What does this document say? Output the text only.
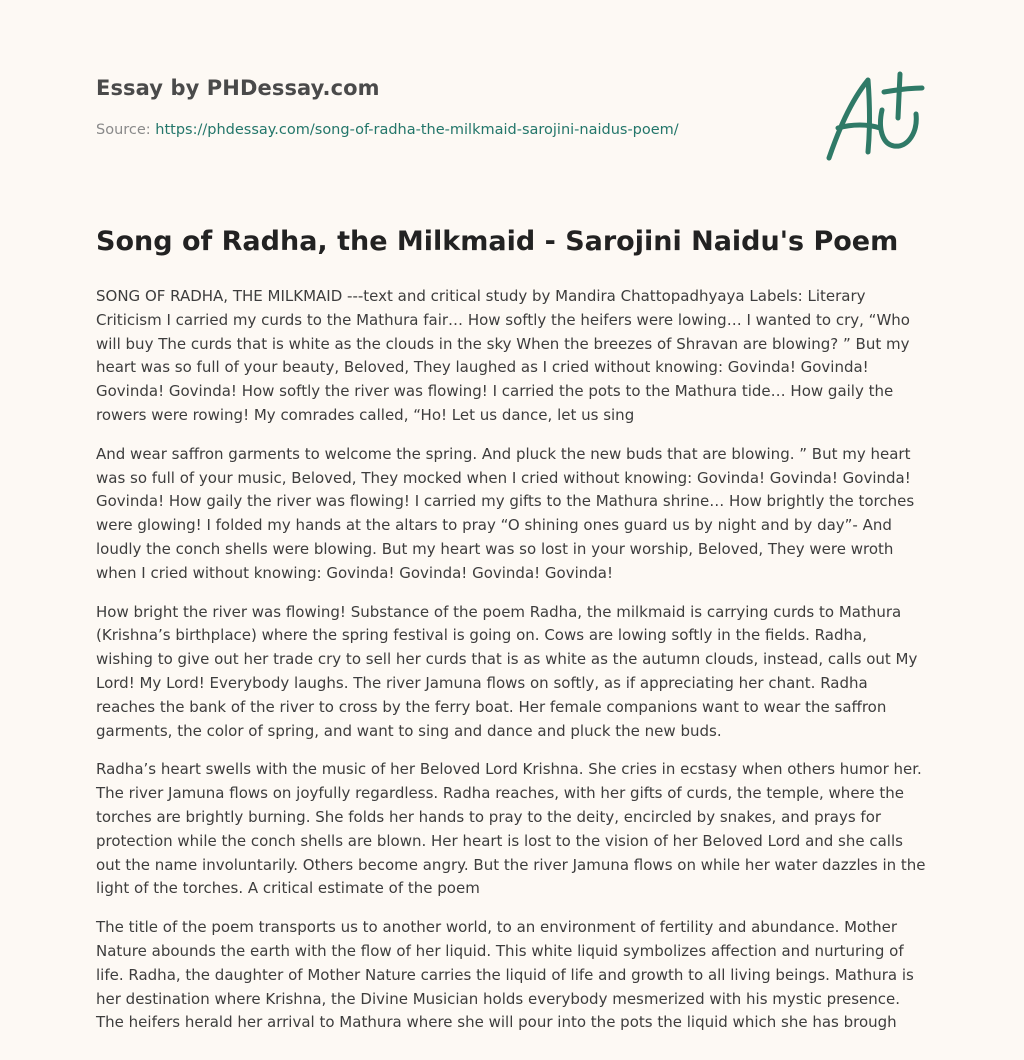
Essay by PHDessay.com
Source: https://phdessay.com/song-of-radha-the-milkmaid-sarojini-naidus-poem/
Song of Radha, the Milkmaid - Sarojini Naidu's Poem

SONG OF RADHA, THE MILKMAID ---text and critical study by Mandira Chattopadhyaya Labels: Literary Criticism I carried my curds to the Mathura fair… How softly the heifers were lowing… I wanted to cry, “Who will buy The curds that is white as the clouds in the sky When the breezes of Shravan are blowing? ” But my heart was so full of your beauty, Beloved, They laughed as I cried without knowing: Govinda! Govinda! Govinda! Govinda! How softly the river was flowing! I carried the pots to the Mathura tide… How gaily the rowers were rowing! My comrades called, “Ho! Let us dance, let us sing

And wear saffron garments to welcome the spring. And pluck the new buds that are blowing. ” But my heart was so full of your music, Beloved, They mocked when I cried without knowing: Govinda! Govinda! Govinda! Govinda! How gaily the river was flowing! I carried my gifts to the Mathura shrine… How brightly the torches were glowing! I folded my hands at the altars to pray “O shining ones guard us by night and by day”- And loudly the conch shells were blowing. But my heart was so lost in your worship, Beloved, They were wroth when I cried without knowing: Govinda! Govinda! Govinda! Govinda!

How bright the river was flowing! Substance of the poem Radha, the milkmaid is carrying curds to Mathura (Krishna’s birthplace) where the spring festival is going on. Cows are lowing softly in the fields. Radha, wishing to give out her trade cry to sell her curds that is as white as the autumn clouds, instead, calls out My Lord! My Lord! Everybody laughs. The river Jamuna flows on softly, as if appreciating her chant. Radha reaches the bank of the river to cross by the ferry boat. Her female companions want to wear the saffron garments, the color of spring, and want to sing and dance and pluck the new buds.

Radha’s heart swells with the music of her Beloved Lord Krishna. She cries in ecstasy when others humor her. The river Jamuna flows on joyfully regardless. Radha reaches, with her gifts of curds, the temple, where the torches are brightly burning. She folds her hands to pray to the deity, encircled by snakes, and prays for protection while the conch shells are blown. Her heart is lost to the vision of her Beloved Lord and she calls out the name involuntarily. Others become angry. But the river Jamuna flows on while her water dazzles in the light of the torches. A critical estimate of the poem

The title of the poem transports us to another world, to an environment of fertility and abundance. Mother Nature abounds the earth with the flow of her liquid. This white liquid symbolizes affection and nurturing of life. Radha, the daughter of Mother Nature carries the liquid of life and growth to all living beings. Mathura is her destination where Krishna, the Divine Musician holds everybody mesmerized with his mystic presence. The heifers herald her arrival to Mathura where she will pour into the pots the liquid which she has brough
